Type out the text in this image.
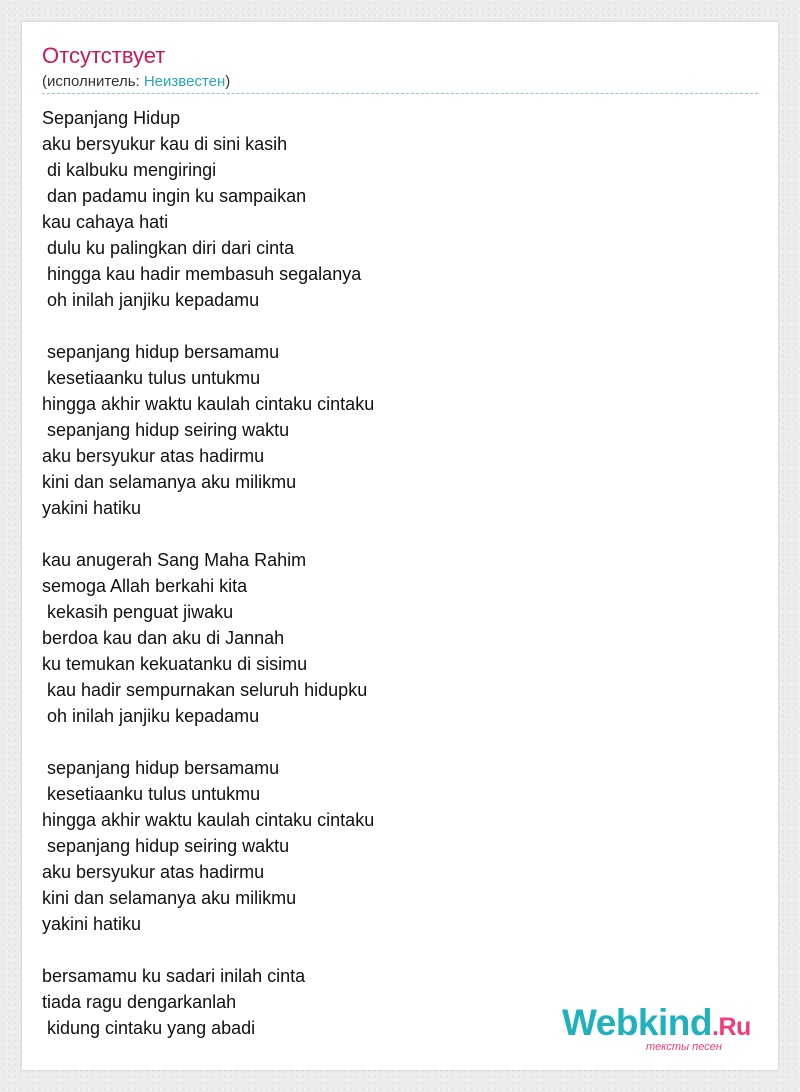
Отсутствует
(исполнитель: Неизвестен)
Sepanjang Hidup
aku bersyukur kau di sini kasih
di kalbuku mengiringi
dan padamu ingin ku sampaikan
kau cahaya hati
dulu ku palingkan diri dari cinta
hingga kau hadir membasuh segalanya
oh inilah janjiku kepadamu
sepanjang hidup bersamamu
kesetiaanku tulus untukmu
hingga akhir waktu kaulah cintaku cintaku
sepanjang hidup seiring waktu
aku bersyukur atas hadirmu
kini dan selamanya aku milikmu
yakini hatiku
kau anugerah Sang Maha Rahim
semoga Allah berkahi kita
kekasih penguat jiwaku
berdoa kau dan aku di Jannah
ku temukan kekuatanku di sisimu
kau hadir sempurnakan seluruh hidupku
oh inilah janjiku kepadamu
sepanjang hidup bersamamu
kesetiaanku tulus untukmu
hingga akhir waktu kaulah cintaku cintaku
sepanjang hidup seiring waktu
aku bersyukur atas hadirmu
kini dan selamanya aku milikmu
yakini hatiku
bersamamu ku sadari inilah cinta
tiada ragu dengarkanlah
kidung cintaku yang abadi	Webkind.Ru
тексты песен
